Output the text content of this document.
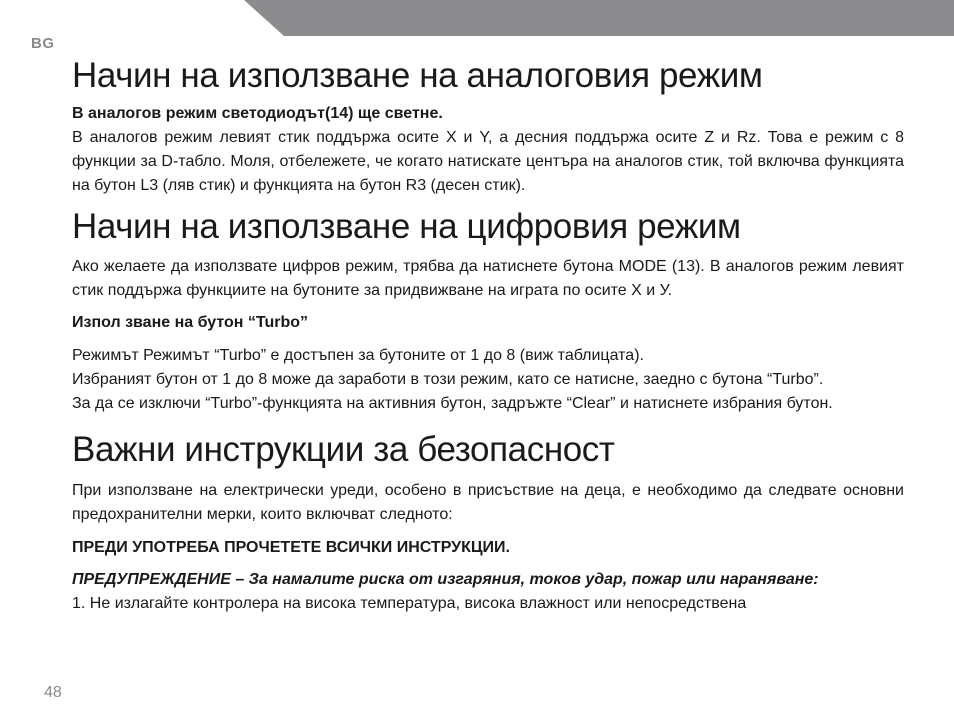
BG
Начин на използване на аналоговия режим

В аналогов режим светодиодът(14) ще светне.

В аналогов режим левият стик поддържа осите X и Y, а десния поддържа осите Z и Rz. Това е режим с 8 функции за D-табло. Моля, отбележете, че когато натискате центъра на аналогов стик, той включва функцията на бутон L3 (ляв стик) и функцията на бутон R3 (десен стик).

Начин на използване на цифровия режим

Ако желаете да използвате цифров режим, трябва да натиснете бутона MODE (13). В аналогов режим левият стик поддържа функциите на бутоните за придвижване на играта по осите X и У.

Изпол зване на бутон “Turbo”

Режимът Режимът “Turbo” е достъпен за бутоните от 1 до 8 (виж таблицата).

Избраният бутон от 1 до 8 може да заработи в този режим, като се натисне, заедно с бутона “Turbo”.

За да се изключи “Turbo”-функцията на активния бутон, задръжте “Clear” и натиснете избрания бутон.

Важни инструкции за безопасност

При използване на електрически уреди, особено в присъствие на деца, е необходимо да следвате основни предохранителни мерки, които включват следното:

ПРЕДИ УПОТРЕБА ПРОЧЕТЕТЕ ВСИЧКИ ИНСТРУКЦИИ.

ПРЕДУПРЕЖДЕНИЕ – За намалите риска от изгаряния, токов удар, пожар или нараняване:

1. Не излагайте контролера на висока температура, висока влажност или непосредствена

48
